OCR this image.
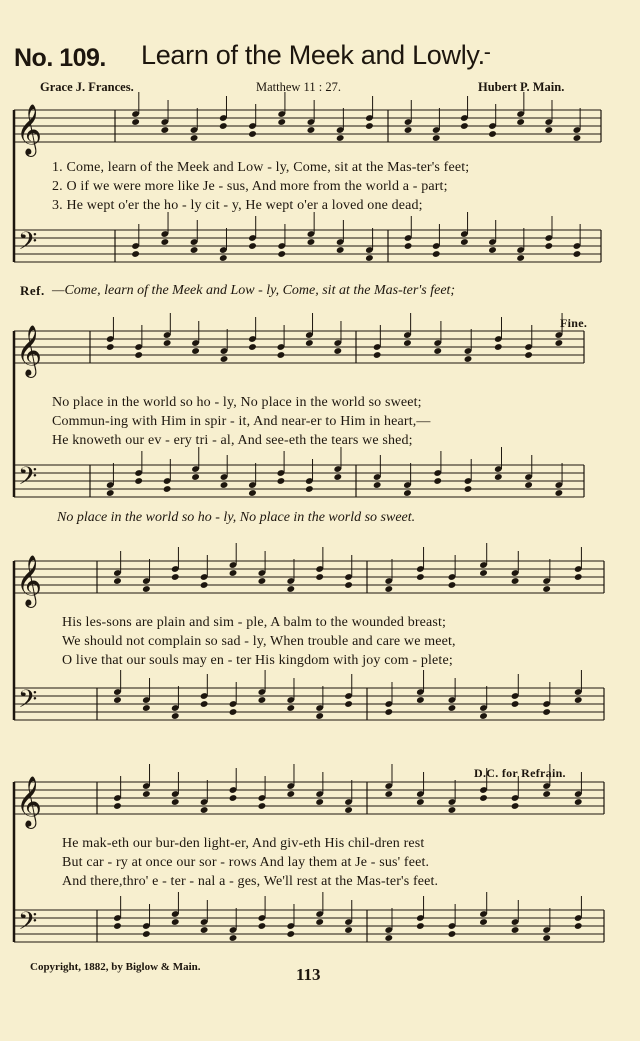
No. 109. Learn of the Meek and Lowly. -
Grace J. Frances.	Matthew 11 : 27.	Hubert P. Main.
𝄞
𝄢
𝄞
𝄢
𝄞
𝄢
𝄞
𝄢
1. Come, learn of the Meek and Low - ly, Come, sit at the Mas-ter's feet;
2. O if we were more like Je - sus, And more from the world a - part;
3. He wept o'er the ho - ly cit - y, He wept o'er a loved one dead;
Ref. —Come, learn of the Meek and Low - ly, Come, sit at the Mas-ter's feet;
Fine.
No place in the world so ho - ly, No place in the world so sweet;
Commun-ing with Him in spir - it, And near-er to Him in heart,—
He knoweth our ev - ery tri - al, And see-eth the tears we shed;
No place in the world so ho - ly, No place in the world so sweet.
His les-sons are plain and sim - ple, A balm to the wounded breast;
We should not complain so sad - ly, When trouble and care we meet,
O live that our souls may en - ter His kingdom with joy com - plete;
D.C. for Refrain.
He mak-eth our bur-den light-er, And giv-eth His chil-dren rest
But car - ry at once our sor - rows And lay them at Je - sus' feet.
And there,thro' e - ter - nal a - ges, We'll rest at the Mas-ter's feet.
Copyright, 1882, by Biglow & Main.	113
